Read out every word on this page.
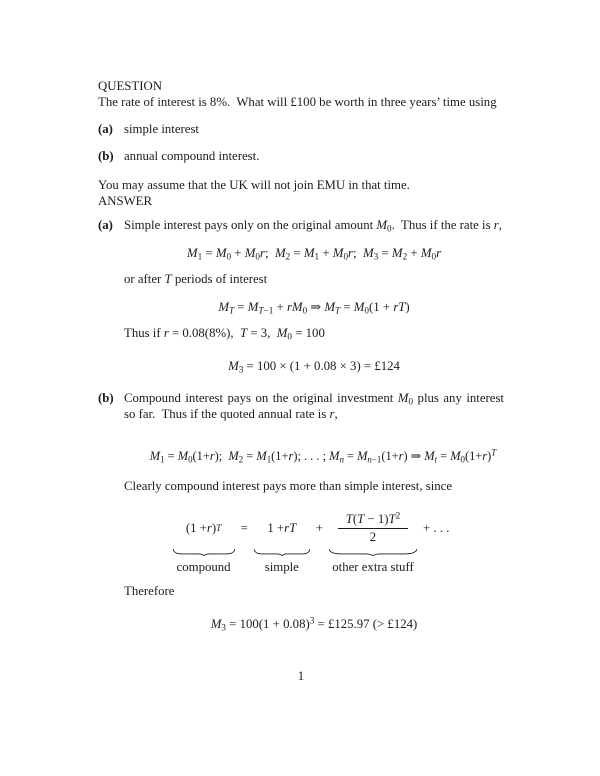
QUESTION

The rate of interest is 8%.  What will £100 be worth in three years’ time using

(a) simple interest
(b) annual compound interest.

You may assume that the UK will not join EMU in that time.

ANSWER

(a) Simple interest pays only on the original amount $M_0$.  Thus if the rate is r,

$M_1 = M_0 + M_0r$;  $M_2 = M_1 + M_0r$;  $M_3 = M_2 + M_0r$

or after T periods of interest

$M_T = M_{T-1} + rM_0$ ⇒ $M_T = M_0(1 + rT)$

Thus if r = 0.08(8%),  T = 3,  $M_0 = 100$

$M_3 = 100 \times (1 + 0.08 \times 3)$ = £124
(b) Compound interest pays on the original investment $M_0$ plus any interest so far.  Thus if the quoted annual rate is r,

$M_1 = M_0(1+r)$;  $M_2 = M_1(1+r)$; . . . ; $M_n = M_{n-1}(1+r)$ ⇒ $M_t = M_0(1+r)^T$

Clearly compound interest pays more than simple interest, since

(1 + r ) T
compound
=	1 + rT
simple
+	$\frac{T(T - 1)T^2}{2}$
other extra stuff
+ . . .

Therefore

$M_3 = 100(1 + 0.08)^3$ = £125.97 (> £124)
1
